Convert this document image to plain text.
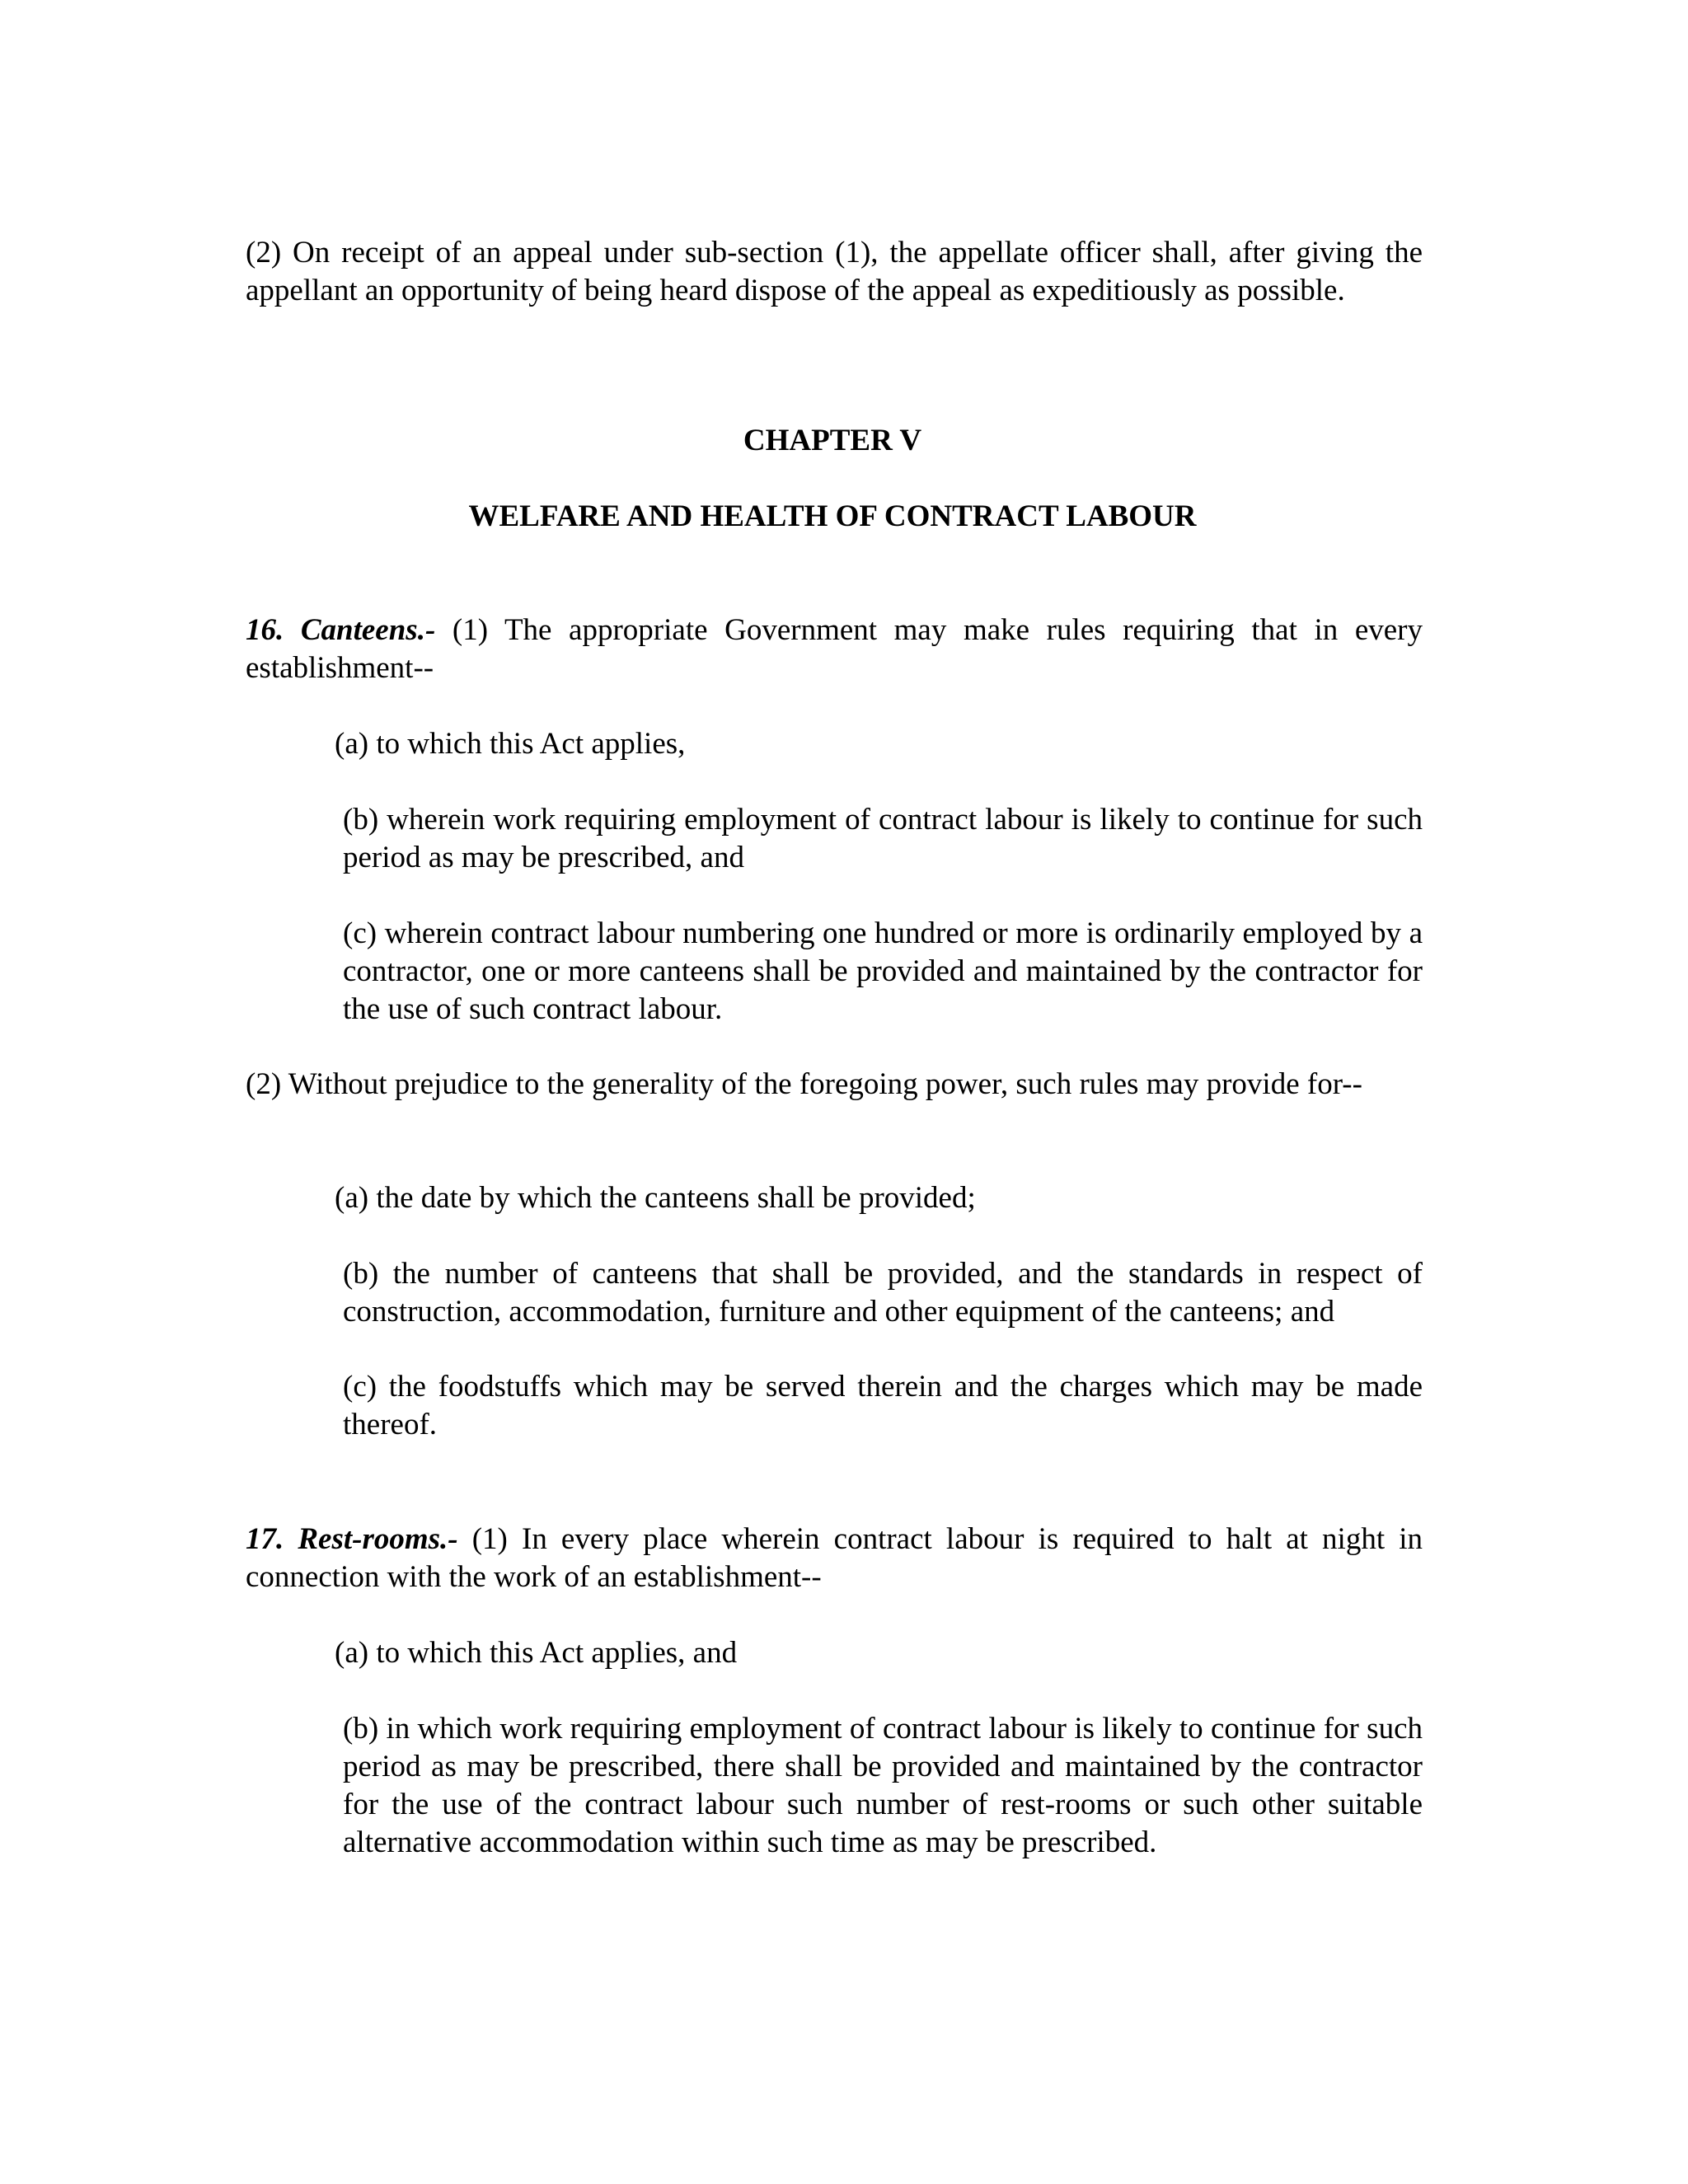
(2) On receipt of an appeal under sub-section (1), the appellate officer shall, after giving the appellant an opportunity of being heard dispose of the appeal as expeditiously as possible.

CHAPTER V

WELFARE AND HEALTH OF CONTRACT LABOUR

16. Canteens.- (1) The appropriate Government may make rules requiring that in every establishment--

(a) to which this Act applies,

(b) wherein work requiring employment of contract labour is likely to continue for such period as may be prescribed, and

(c) wherein contract labour numbering one hundred or more is ordinarily employed by a contractor, one or more canteens shall be provided and maintained by the contractor for the use of such contract labour.

(2) Without prejudice to the generality of the foregoing power, such rules may provide for--

(a) the date by which the canteens shall be provided;

(b) the number of canteens that shall be provided, and the standards in respect of construction, accommodation, furniture and other equipment of the canteens; and

(c) the foodstuffs which may be served therein and the charges which may be made thereof.

17. Rest-rooms.- (1) In every place wherein contract labour is required to halt at night in connection with the work of an establishment--

(a) to which this Act applies, and

(b) in which work requiring employment of contract labour is likely to continue for such period as may be prescribed, there shall be provided and maintained by the contractor for the use of the contract labour such number of rest-rooms or such other suitable alternative accommodation within such time as may be prescribed.
